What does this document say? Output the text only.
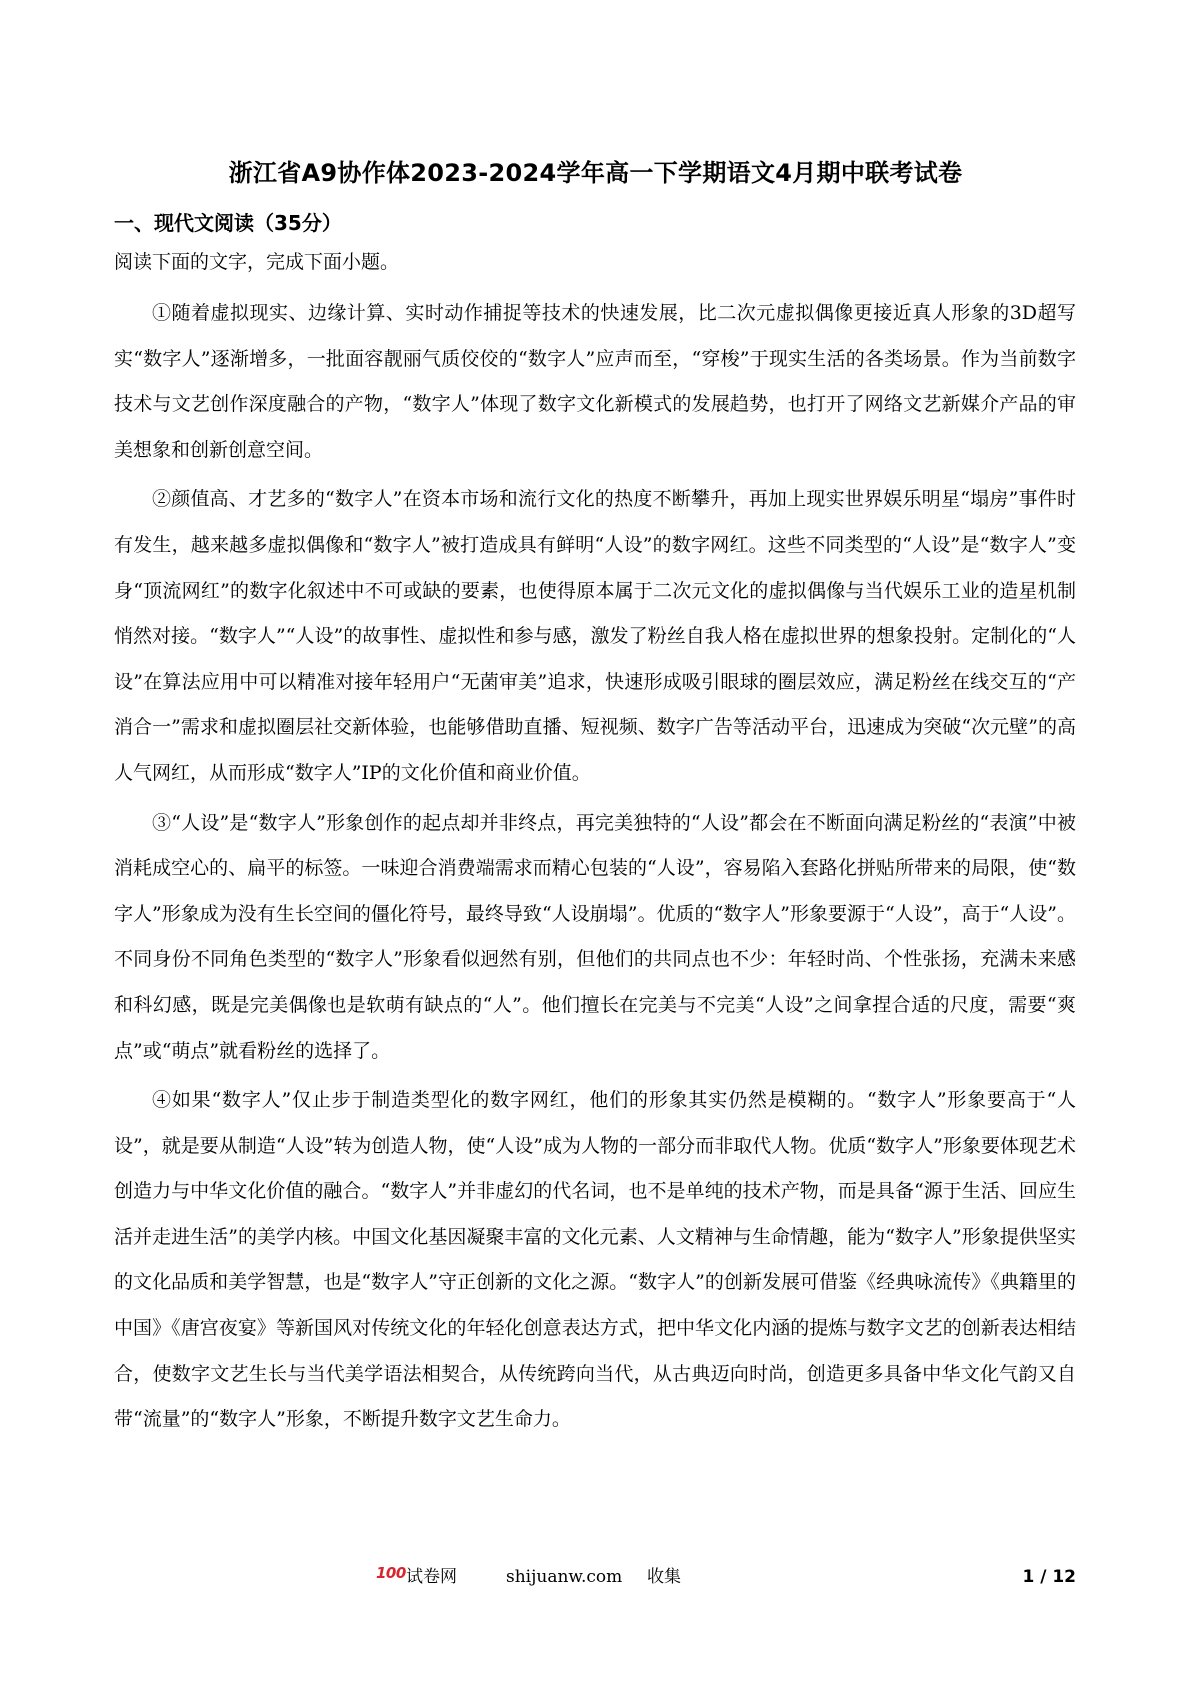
浙江省A9协作体2023-2024学年高一下学期语文4月期中联考试卷
一、现代文阅读（35分）
阅读下面的文字，完成下面小题。

①随着虚拟现实、边缘计算、实时动作捕捉等技术的快速发展，比二次元虚拟偶像更接近真人形象的3D超写实“数字人”逐渐增多，一批面容靓丽气质佼佼的“数字人”应声而至，“穿梭”于现实生活的各类场景。作为当前数字技术与文艺创作深度融合的产物，“数字人”体现了数字文化新模式的发展趋势，也打开了网络文艺新媒介产品的审美想象和创新创意空间。

②颜值高、才艺多的“数字人”在资本市场和流行文化的热度不断攀升，再加上现实世界娱乐明星“塌房”事件时有发生，越来越多虚拟偶像和“数字人”被打造成具有鲜明“人设”的数字网红。这些不同类型的“人设”是“数字人”变身“顶流网红”的数字化叙述中不可或缺的要素，也使得原本属于二次元文化的虚拟偶像与当代娱乐工业的造星机制悄然对接。“数字人”“人设”的故事性、虚拟性和参与感，激发了粉丝自我人格在虚拟世界的想象投射。定制化的“人设”在算法应用中可以精准对接年轻用户“无菌审美”追求，快速形成吸引眼球的圈层效应，满足粉丝在线交互的“产消合一”需求和虚拟圈层社交新体验，也能够借助直播、短视频、数字广告等活动平台，迅速成为突破“次元壁”的高人气网红，从而形成“数字人”IP的文化价值和商业价值。

③“人设”是“数字人”形象创作的起点却并非终点，再完美独特的“人设”都会在不断面向满足粉丝的“表演”中被消耗成空心的、扁平的标签。一味迎合消费端需求而精心包装的“人设”，容易陷入套路化拼贴所带来的局限，使“数字人”形象成为没有生长空间的僵化符号，最终导致“人设崩塌”。优质的“数字人”形象要源于“人设”，高于“人设”。不同身份不同角色类型的“数字人”形象看似迥然有别，但他们的共同点也不少：年轻时尚、个性张扬，充满未来感和科幻感，既是完美偶像也是软萌有缺点的“人”。他们擅长在完美与不完美“人设”之间拿捏合适的尺度，需要“爽点”或“萌点”就看粉丝的选择了。

④如果“数字人”仅止步于制造类型化的数字网红，他们的形象其实仍然是模糊的。“数字人”形象要高于“人设”，就是要从制造“人设”转为创造人物，使“人设”成为人物的一部分而非取代人物。优质“数字人”形象要体现艺术创造力与中华文化价值的融合。“数字人”并非虚幻的代名词，也不是单纯的技术产物，而是具备“源于生活、回应生活并走进生活”的美学内核。中国文化基因凝聚丰富的文化元素、人文精神与生命情趣，能为“数字人”形象提供坚实的文化品质和美学智慧，也是“数字人”守正创新的文化之源。“数字人”的创新发展可借鉴《经典咏流传》《典籍里的中国》《唐宫夜宴》等新国风对传统文化的年轻化创意表达方式，把中华文化内涵的提炼与数字文艺的创新表达相结合，使数字文艺生长与当代美学语法相契合，从传统跨向当代，从古典迈向时尚，创造更多具备中华文化气韵又自带“流量”的“数字人”形象，不断提升数字文艺生命力。

100 试卷网	shijuanw.com 收集	1 / 12
